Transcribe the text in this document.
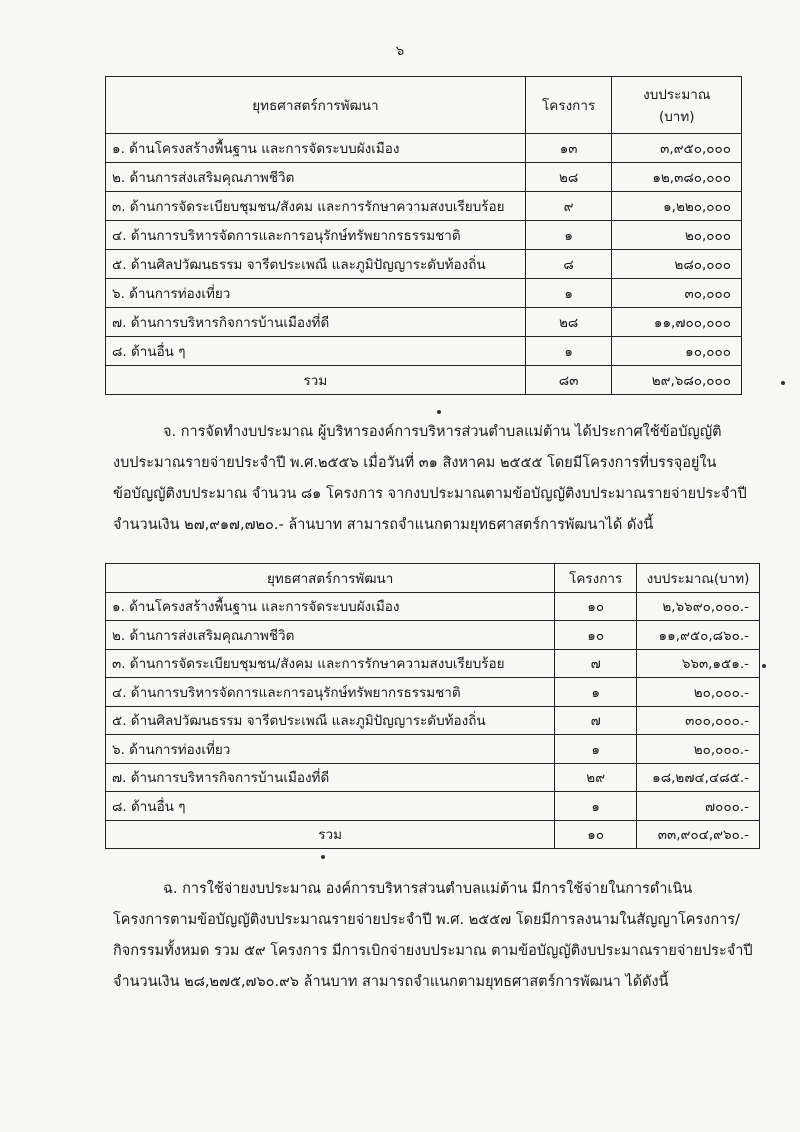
๖
ยุทธศาสตร์การพัฒนา	โครงการ	งบประมาณ
(บาท)

๑. ด้านโครงสร้างพื้นฐาน และการจัดระบบผังเมือง	๑๓	๓,๙๕๐,๐๐๐
๒. ด้านการส่งเสริมคุณภาพชีวิต	๒๘	๑๒,๓๘๐,๐๐๐
๓. ด้านการจัดระเบียบชุมชน/สังคม และการรักษาความสงบเรียบร้อย	๙	๑,๒๒๐,๐๐๐
๔. ด้านการบริหารจัดการและการอนุรักษ์ทรัพยากรธรรมชาติ	๑	๒๐,๐๐๐
๕. ด้านศิลปวัฒนธรรม จารีตประเพณี และภูมิปัญญาระดับท้องถิ่น	๘	๒๘๐,๐๐๐
๖. ด้านการท่องเที่ยว	๑	๓๐,๐๐๐
๗. ด้านการบริหารกิจการบ้านเมืองที่ดี	๒๘	๑๑,๗๐๐,๐๐๐
๘. ด้านอื่น ๆ	๑	๑๐,๐๐๐
รวม	๘๓	๒๙,๖๘๐,๐๐๐

จ. การจัดทำงบประมาณ ผู้บริหารองค์การบริหารส่วนตำบลแม่ต้าน ได้ประกาศใช้ข้อบัญญัติ

งบประมาณรายจ่ายประจำปี พ.ศ.๒๕๕๖ เมื่อวันที่ ๓๑ สิงหาคม ๒๕๕๕ โดยมีโครงการที่บรรจุอยู่ใน

ข้อบัญญัติงบประมาณ จำนวน ๘๑ โครงการ จากงบประมาณตามข้อบัญญัติงบประมาณรายจ่ายประจำปี

จำนวนเงิน ๒๗,๙๑๗,๗๒๐.- ล้านบาท สามารถจำแนกตามยุทธศาสตร์การพัฒนาได้ ดังนี้

ยุทธศาสตร์การพัฒนา	โครงการ	งบประมาณ(บาท)
๑. ด้านโครงสร้างพื้นฐาน และการจัดระบบผังเมือง	๑๐	๒,๖๖๙๐,๐๐๐.-
๒. ด้านการส่งเสริมคุณภาพชีวิต	๑๐	๑๑,๙๕๐,๘๖๐.-
๓. ด้านการจัดระเบียบชุมชน/สังคม และการรักษาความสงบเรียบร้อย	๗	๖๖๓,๑๕๑.-
๔. ด้านการบริหารจัดการและการอนุรักษ์ทรัพยากรธรรมชาติ	๑	๒๐,๐๐๐.-
๕. ด้านศิลปวัฒนธรรม จารีตประเพณี และภูมิปัญญาระดับท้องถิ่น	๗	๓๐๐,๐๐๐.-
๖. ด้านการท่องเที่ยว	๑	๒๐,๐๐๐.-
๗. ด้านการบริหารกิจการบ้านเมืองที่ดี	๒๙	๑๘,๒๗๔,๔๘๕.-
๘. ด้านอื่น ๆ	๑	๗๐๐๐.-
รวม	๑๐	๓๓,๙๐๔,๙๖๐.-

ฉ. การใช้จ่ายงบประมาณ องค์การบริหารส่วนตำบลแม่ต้าน มีการใช้จ่ายในการดำเนิน

โครงการตามข้อบัญญัติงบประมาณรายจ่ายประจำปี พ.ศ. ๒๕๕๗ โดยมีการลงนามในสัญญาโครงการ/

กิจกรรมทั้งหมด รวม ๕๙ โครงการ มีการเบิกจ่ายงบประมาณ ตามข้อบัญญัติงบประมาณรายจ่ายประจำปี

จำนวนเงิน ๒๘,๒๗๕,๗๖๐.๙๖ ล้านบาท สามารถจำแนกตามยุทธศาสตร์การพัฒนา ได้ดังนี้
